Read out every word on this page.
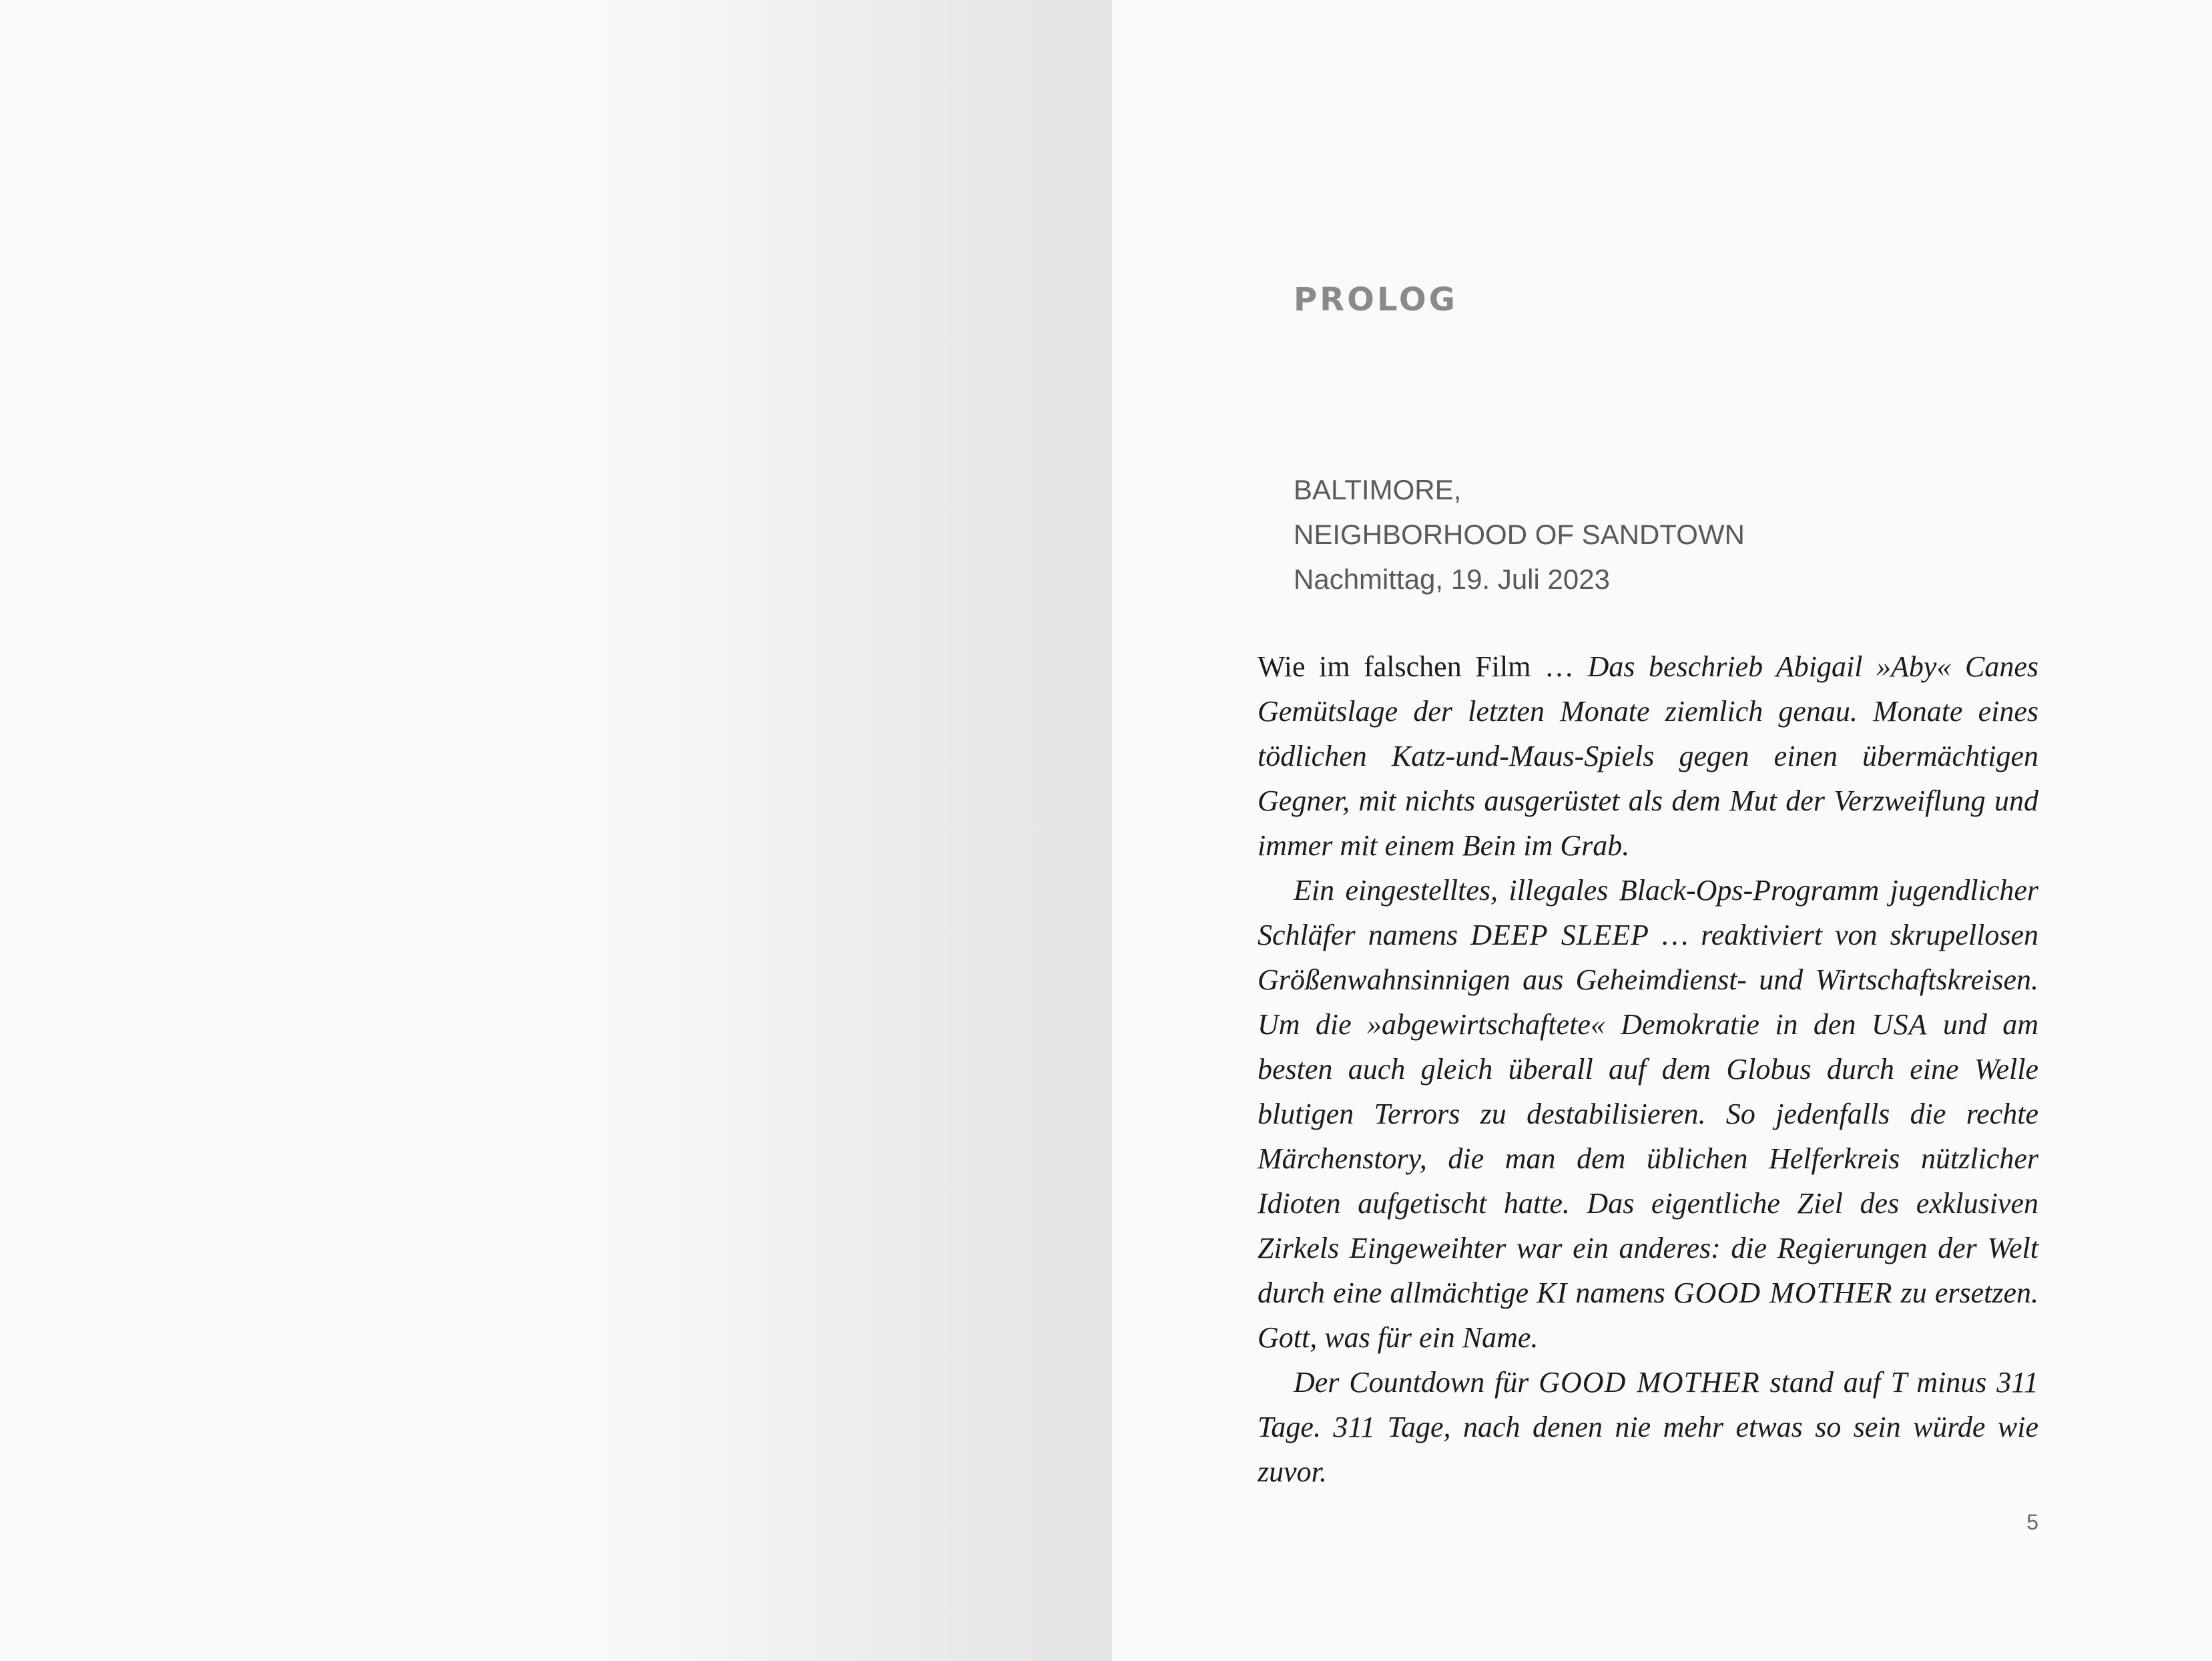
PROLOG
BALTIMORE,
NEIGHBORHOOD OF SANDTOWN
Nachmittag, 19. Juli 2023

Wie im falschen Film … Das beschrieb Abigail »Aby« Canes Gemütslage der letzten Monate ziemlich genau. Monate eines tödlichen Katz-und-Maus-Spiels gegen einen übermächtigen Gegner, mit nichts ausgerüstet als dem Mut der Verzweiflung und immer mit einem Bein im Grab.

Ein eingestelltes, illegales Black-Ops-Programm jugendlicher Schläfer namens DEEP SLEEP … reaktiviert von skrupellosen Größenwahnsinnigen aus Geheimdienst- und Wirtschaftskreisen. Um die »abgewirtschaftete« Demokratie in den USA und am besten auch gleich überall auf dem Globus durch eine Welle blutigen Terrors zu destabilisieren. So jedenfalls die rechte Märchenstory, die man dem üblichen Helferkreis nützlicher Idioten aufgetischt hatte. Das eigentliche Ziel des exklusiven Zirkels Eingeweihter war ein anderes: die Regierungen der Welt durch eine allmächtige KI namens GOOD MOTHER zu ersetzen. Gott, was für ein Name.

Der Countdown für GOOD MOTHER stand auf T minus 311 Tage. 311 Tage, nach denen nie mehr etwas so sein würde wie zuvor.

5
